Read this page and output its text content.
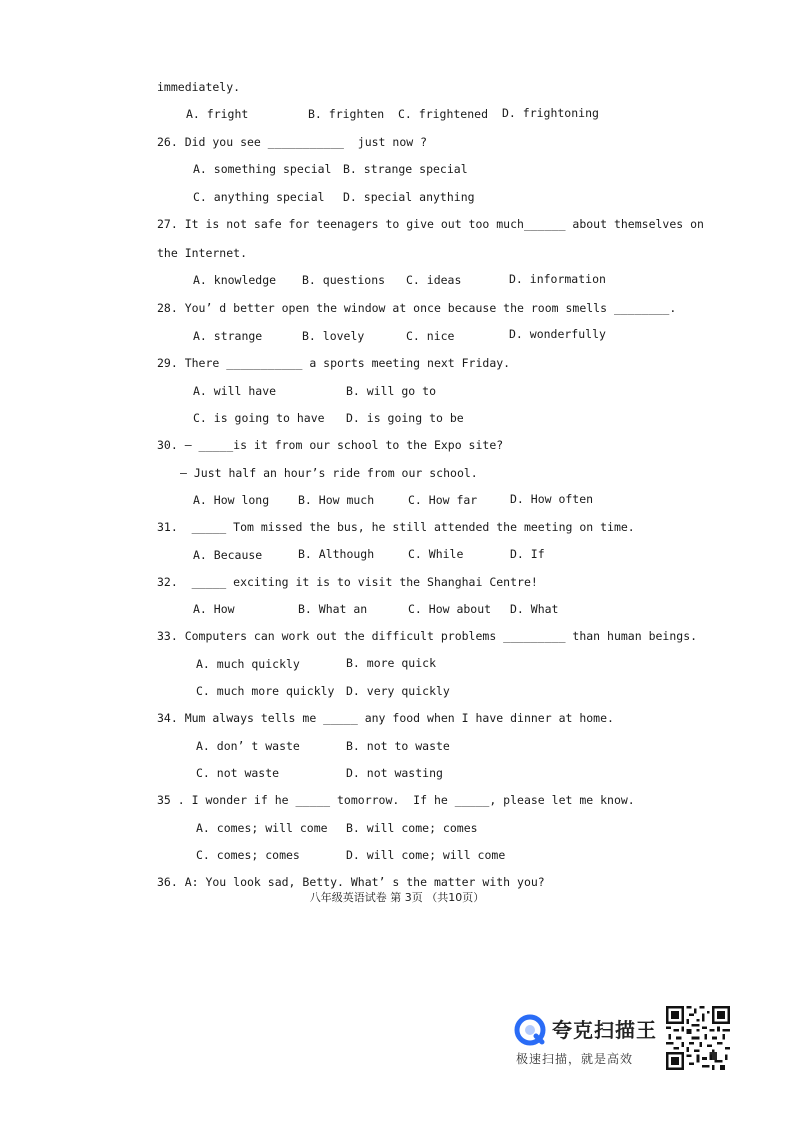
immediately.
26. Did you see ___________  just now ?
27. It is not safe for teenagers to give out too much______ about themselves on
the Internet.
28. You’ d better open the window at once because the room smells ________.
29. There ___________ a sports meeting next Friday.
30. — _____is it from our school to the Expo site?
— Just half an hour’s ride from our school.
31.  _____ Tom missed the bus, he still attended the meeting on time.
32.  _____ exciting it is to visit the Shanghai Centre!
33. Computers can work out the difficult problems _________ than human beings.
34. Mum always tells me _____ any food when I have dinner at home.
35 . I wonder if he _____ tomorrow.  If he _____, please let me know.
36. A: You look sad, Betty. What’ s the matter with you?
A. fright	B. frighten C. frightened D. frightoning
A. something special B. strange special
C. anything special D. special anything
A. knowledge B. questions C. ideas	D. information
A. strange	B. lovely	C. nice	D. wonderfully
A. will have	B. will go to
C. is going to have D. is going to be
A. How long	B. How much	C. How far	D. How often
A. Because	B. Although	C. While	D. If
A. How	B. What an	C. How about D. What
A. much quickly	B. more quick
C. much more quickly D. very quickly
A. don’ t waste	B. not to waste
C. not waste	D. not wasting
A. comes; will come B. will come; comes
C. comes; comes	D. will come; will come
八年级英语试卷 第 3页 （共10页）
夸克扫描王
极速扫描，就是高效
